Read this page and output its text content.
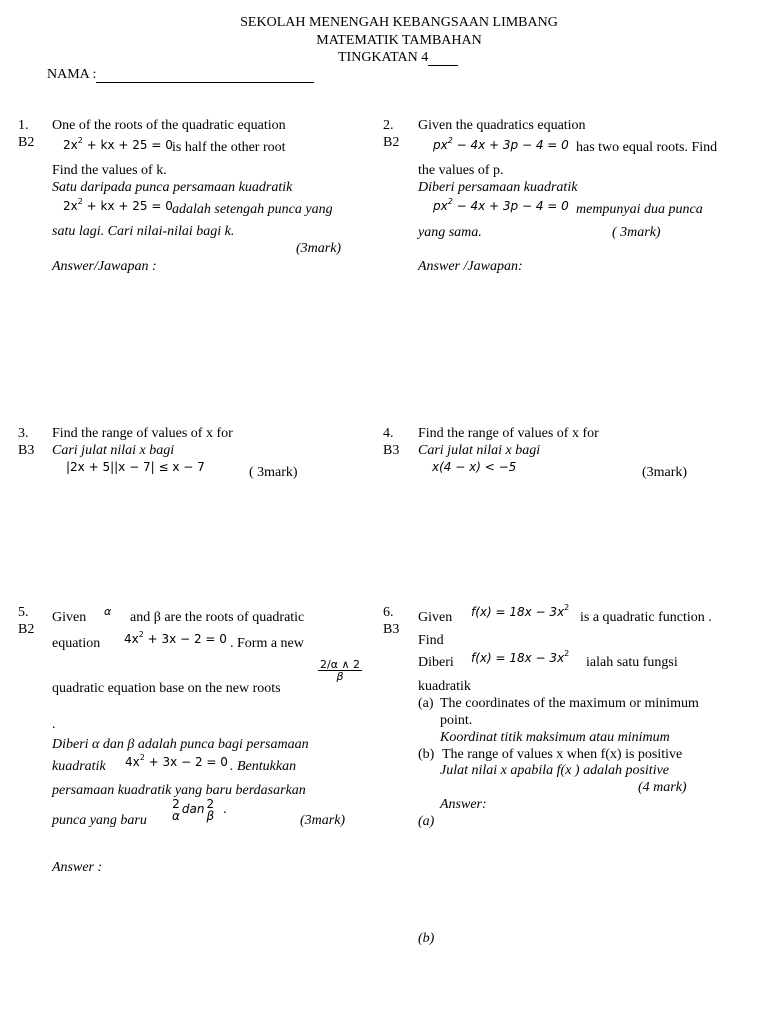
SEKOLAH MENENGAH KEBANGSAAN LIMBANG
MATEMATIK TAMBAHAN
TINGKATAN 4
NAMA :
1.
B2
One of the roots of the quadratic equation
$2x^2$ + kx + 25 = 0 is half the other root
Find the values of k.
Satu daripada punca persamaan kuadratik
$2x^2$ + kx + 25 = 0 adalah setengah punca yang
satu lagi. Cari nilai-nilai bagi k.
(3mark)
Answer/Jawapan :
2.
B2
Given the quadratics equation
$px^2 - 4x + 3p - 4 = 0$ has two equal roots. Find
the values of p.
Diberi persamaan kuadratik
$px^2 - 4x + 3p - 4 = 0$ mempunyai dua punca
yang sama.	( 3mark)
Answer /Jawapan:
3.
B3
Find the range of values of x for
Cari julat nilai x bagi
|2x + 5||x − 7| ≤ x − 7	( 3mark)
4.
B3
Find the range of values of x for
Cari julat nilai x bagi
x(4 − x) < −5	(3mark)
5.
B2
Given α and β are the roots of quadratic
equation $4x^2 + 3x - 2 = 0$ . Form a new
quadratic equation base on the new roots
$\frac{2/\alpha \wedge 2}{\beta}$
.
Diberi α dan β adalah punca bagi persamaan
kuadratik $4x^2 + 3x - 2 = 0$ . Bentukkan
persamaan kuadratik yang baru berdasarkan
punca yang baru
2
α dan 2
β .
(3mark)
Answer :
6.
B3
Given $f(x) = 18x - 3x^2$
is a quadratic function .
Find
Diberi $f(x) = 18x - 3x^2$
ialah satu fungsi
kuadratik
(a) The coordinates of the maximum or minimum
point.
Koordinat titik maksimum atau minimum
(b) The range of values x when f(x) is positive
Julat nilai x apabila f(x ) adalah positive
(4 mark)
Answer:
(a)
(b)
